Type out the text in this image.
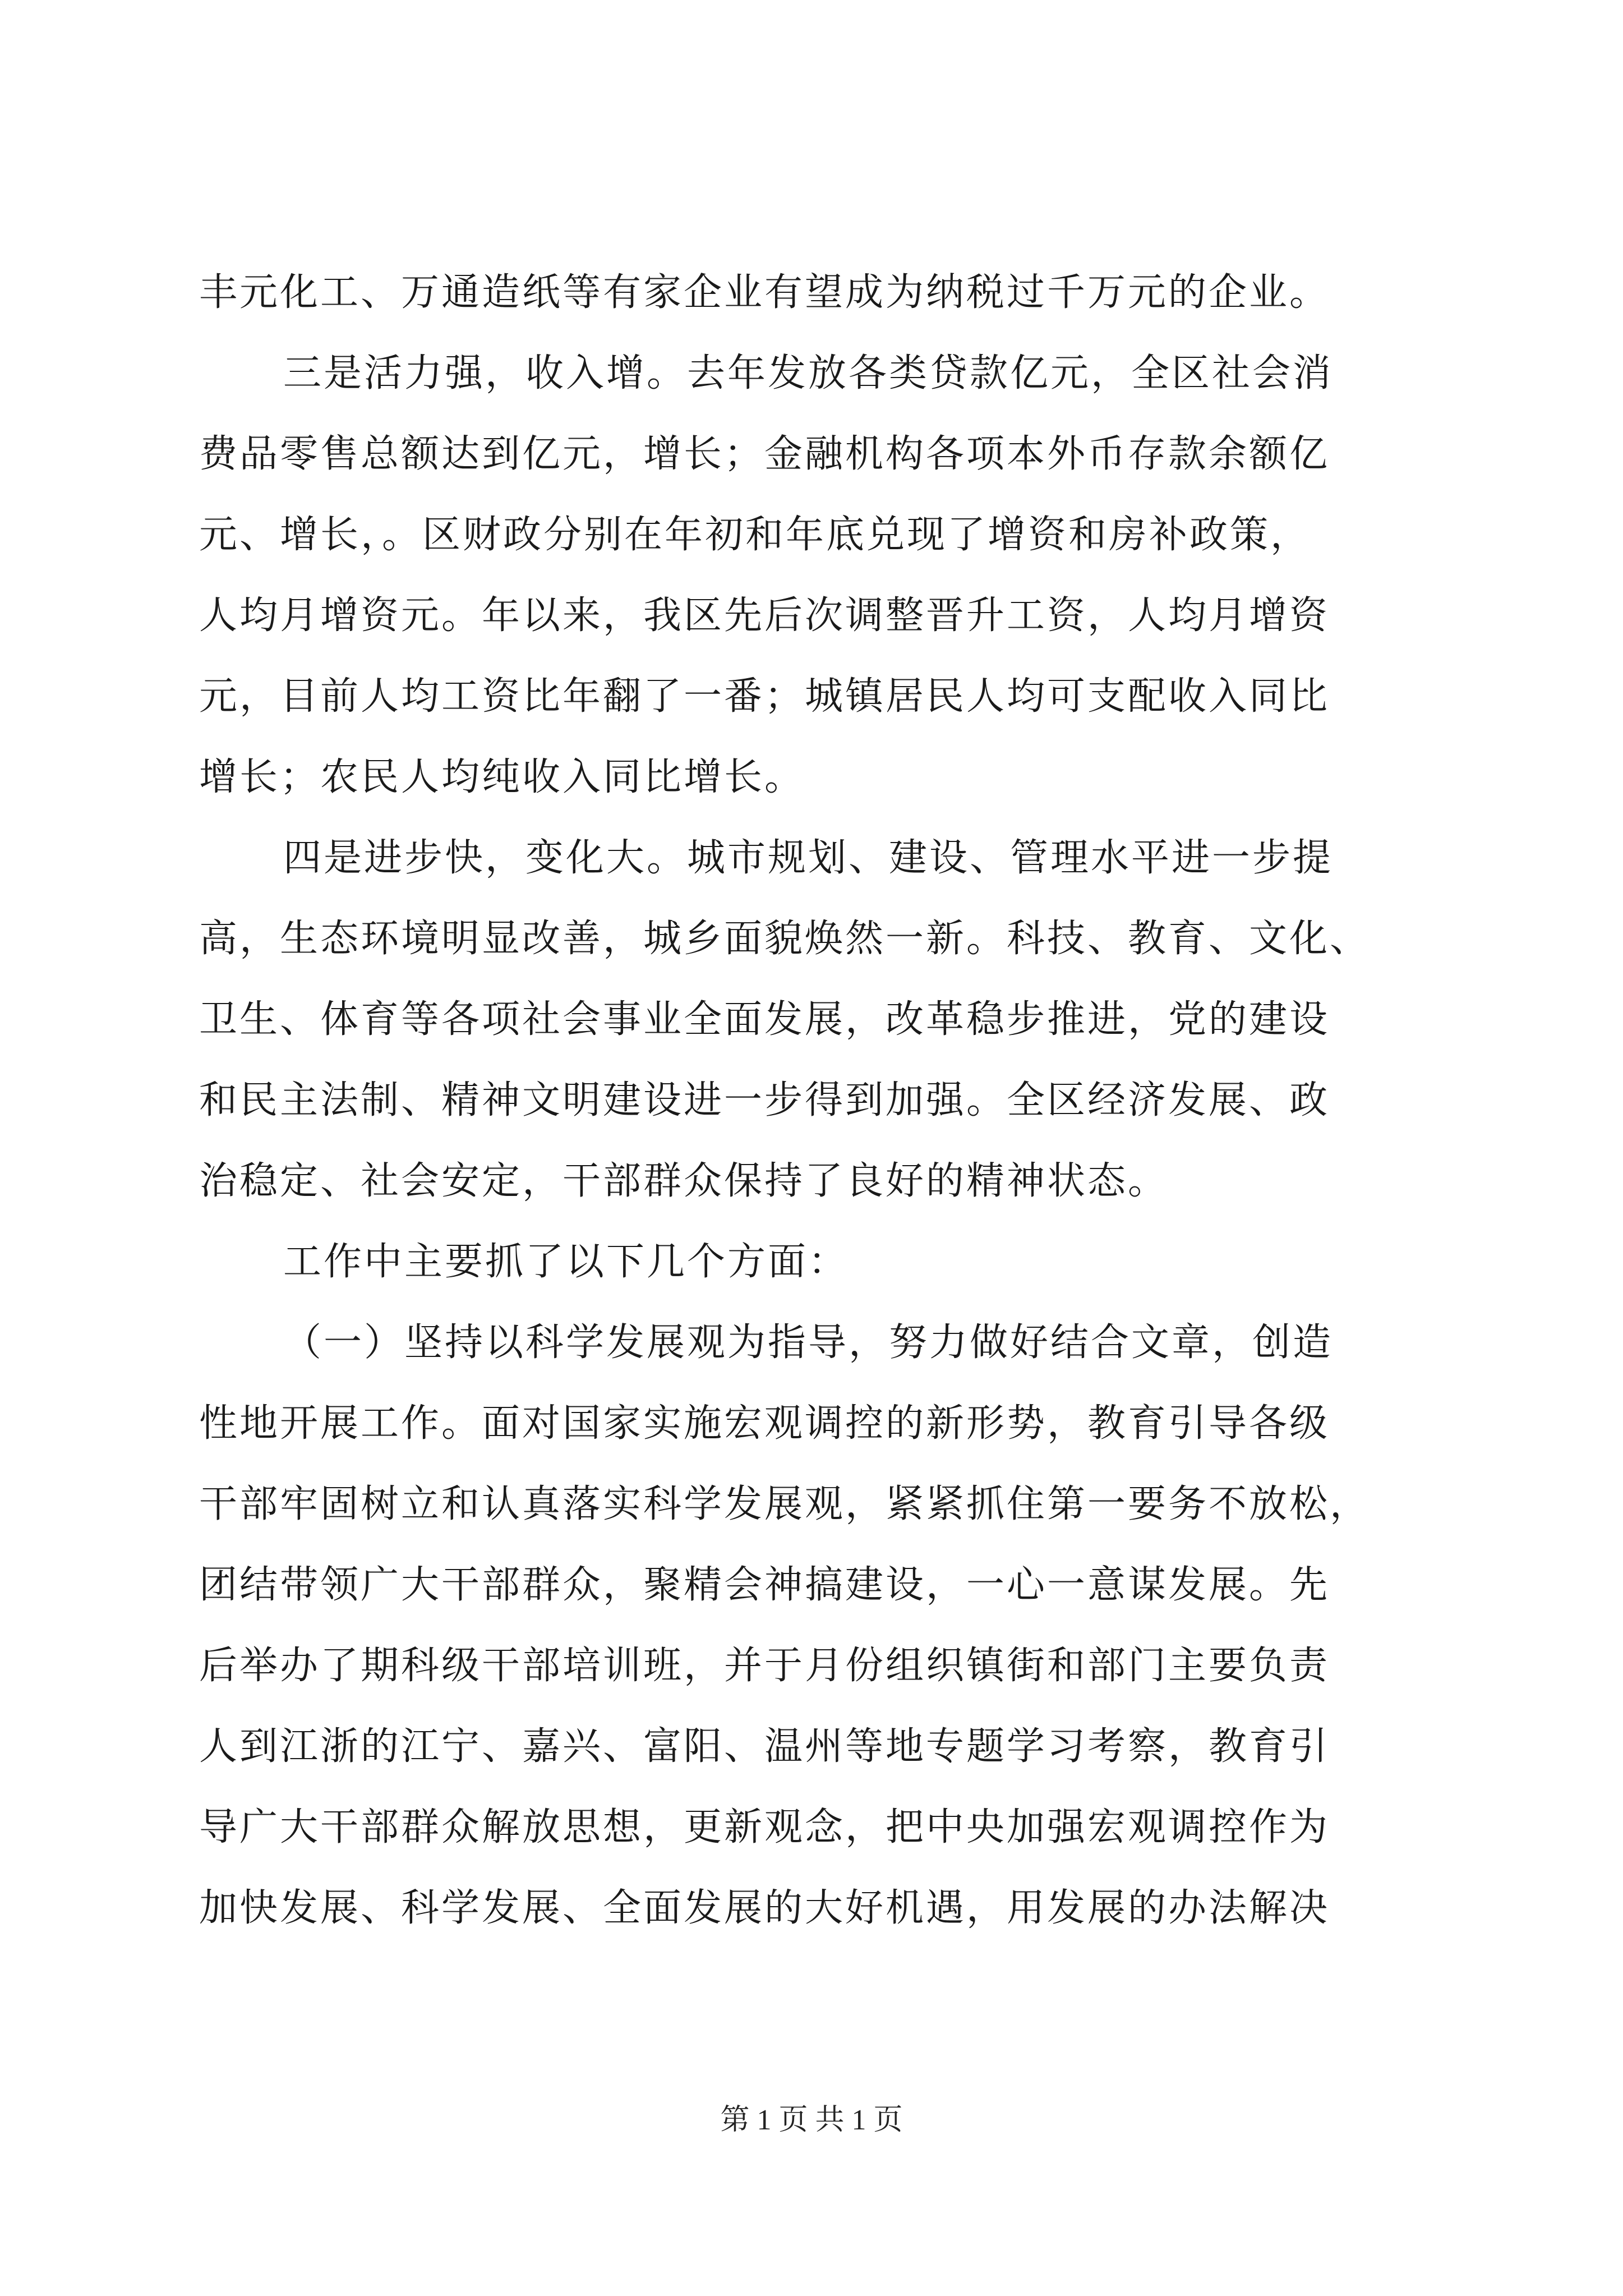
丰元化工、万通造纸等有家企业有望成为纳税过千万元的企业。
三是活力强，收入增。去年发放各类贷款亿元，全区社会消
费品零售总额达到亿元，增长；金融机构各项本外币存款余额亿
元、增长，。区财政分别在年初和年底兑现了增资和房补政策，
人均月增资元。年以来，我区先后次调整晋升工资，人均月增资
元，目前人均工资比年翻了一番；城镇居民人均可支配收入同比
增长；农民人均纯收入同比增长。
四是进步快，变化大。城市规划、建设、管理水平进一步提
高，生态环境明显改善，城乡面貌焕然一新。科技、教育、文化、
卫生、体育等各项社会事业全面发展，改革稳步推进，党的建设
和民主法制、精神文明建设进一步得到加强。全区经济发展、政
治稳定、社会安定，干部群众保持了良好的精神状态。
工作中主要抓了以下几个方面：
（一）坚持以科学发展观为指导，努力做好结合文章，创造
性地开展工作。面对国家实施宏观调控的新形势，教育引导各级
干部牢固树立和认真落实科学发展观，紧紧抓住第一要务不放松，
团结带领广大干部群众，聚精会神搞建设，一心一意谋发展。先
后举办了期科级干部培训班，并于月份组织镇街和部门主要负责
人到江浙的江宁、嘉兴、富阳、温州等地专题学习考察，教育引
导广大干部群众解放思想，更新观念，把中央加强宏观调控作为
加快发展、科学发展、全面发展的大好机遇，用发展的办法解决
第 1 页 共 1 页
